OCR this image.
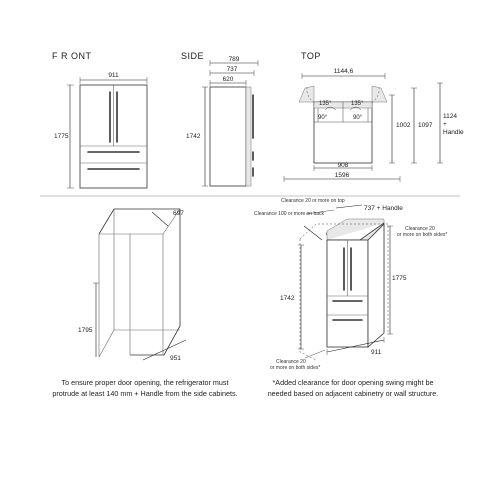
F R ONT	SIDE	TOP
911
1775
789
737
620
1742
1144,6
135°	135°
90°	90°
1002 1097
1124
+
Handle
908
1596
697
1795
951
Clearance 20 or more on top
737 + Handle
Clearance 100 or more on back
Clearance 20
or more on both sides*
1742
1775
Clearance 20
or more on both sides*
911
To ensure proper door opening, the refrigerator must
protrude at least 140 mm + Handle from the side cabinets.
*Added clearance for door opening swing might be
needed based on adjacent cabinetry or wall structure.
